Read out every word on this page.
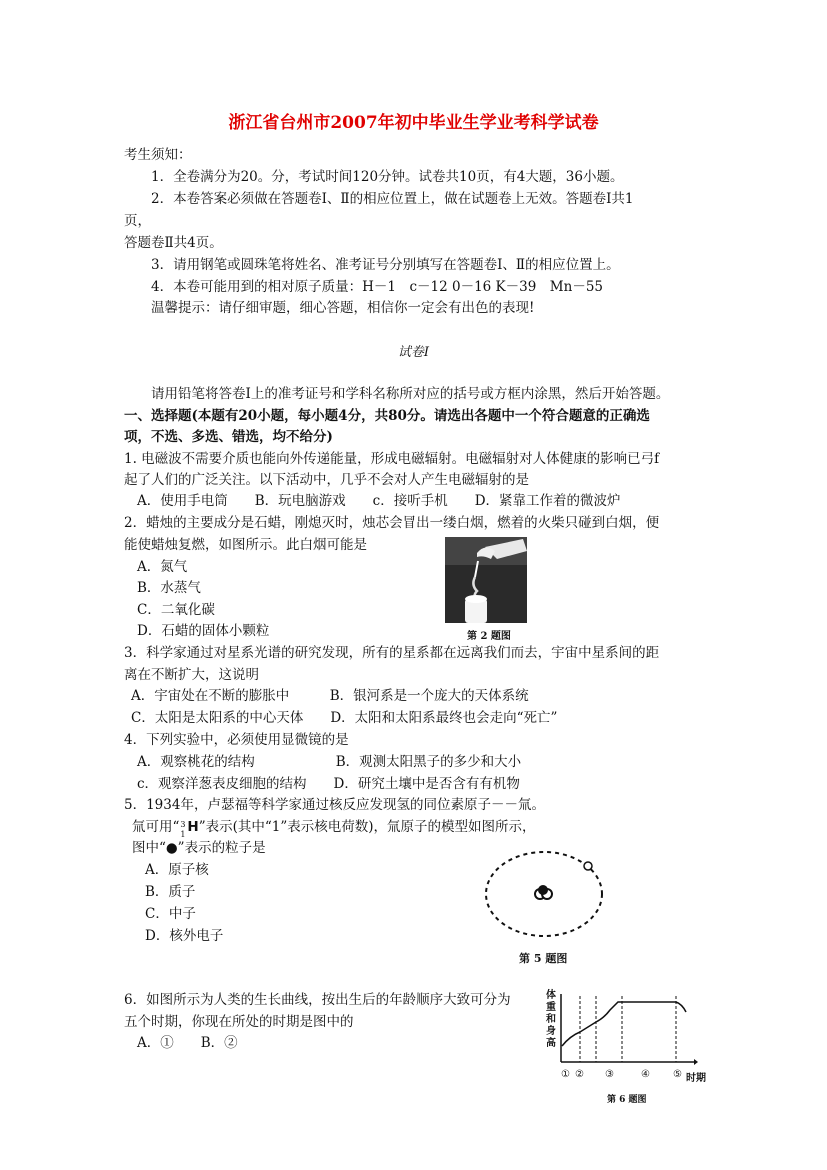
浙江省台州市2007年初中毕业生学业考科学试卷
考生须知：
1．全卷满分为20。分，考试时间120分钟。试卷共10页，有4大题，36小题。
2．本卷答案必须做在答题卷Ⅰ、Ⅱ的相应位置上，做在试题卷上无效。答题卷Ⅰ共1
页，
答题卷Ⅱ共4页。
3．请用钢笔或圆珠笔将姓名、准考证号分别填写在答题卷Ⅰ、Ⅱ的相应位置上。
4．本卷可能用到的相对原子质量：H－1　c－12 0－16 K－39　Mn－55
温馨提示：请仔细审题，细心答题，相信你一定会有出色的表现!
试卷Ⅰ
请用铅笔将答卷Ⅰ上的准考证号和学科名称所对应的括号或方框内涂黑，然后开始答题。
一、选择题(本题有20小题，每小题4分，共80分。请选出各题中一个符合题意的正确选
项，不选、多选、错选，均不给分)
1. 电磁波不需要介质也能向外传递能量，形成电磁辐射。电磁辐射对人体健康的影响已弓f
起了人们的广泛关注。以下活动中，几乎不会对人产生电磁辐射的是
A．使用手电筒　　B．玩电脑游戏　　c．接听手机　　D．紧靠工作着的微波炉
2．蜡烛的主要成分是石蜡，刚熄灭时，烛芯会冒出一缕白烟，燃着的火柴只碰到白烟，便
能使蜡烛复燃，如图所示。此白烟可能是
A．氮气
B．水蒸气
C．二氧化碳
D．石蜡的固体小颗粒	第 2 题图
3．科学家通过对星系光谱的研究发现，所有的星系都在远离我们而去，宇宙中星系间的距
离在不断扩大，这说明
A．宇宙处在不断的膨胀中　　　B．银河系是一个庞大的天体系统
C．太阳是太阳系的中心天体　　D．太阳和太阳系最终也会走向“死亡”
4．下列实验中，必须使用显微镜的是
A．观察桃花的结构　　　　　　B．观测太阳黑子的多少和大小
c．观察洋葱表皮细胞的结构　　D．研究土壤中是否含有有机物
5．1934年，卢瑟福等科学家通过核反应发现氢的同位素原子－－氚。
氚可用“ 3
1 H”表示(其中“1”表示核电荷数)，氚原子的模型如图所示，
图中“●”表示的粒子是
A．原子核
B．质子
C．中子
D．核外电子
第 5 题图
6．如图所示为人类的生长曲线，按出生后的年龄顺序大致可分为
五个时期，你现在所处的时期是图中的
A．①　　B．②
体重和身高
① ② ③	④ ⑤ 时期
第 6 题图
